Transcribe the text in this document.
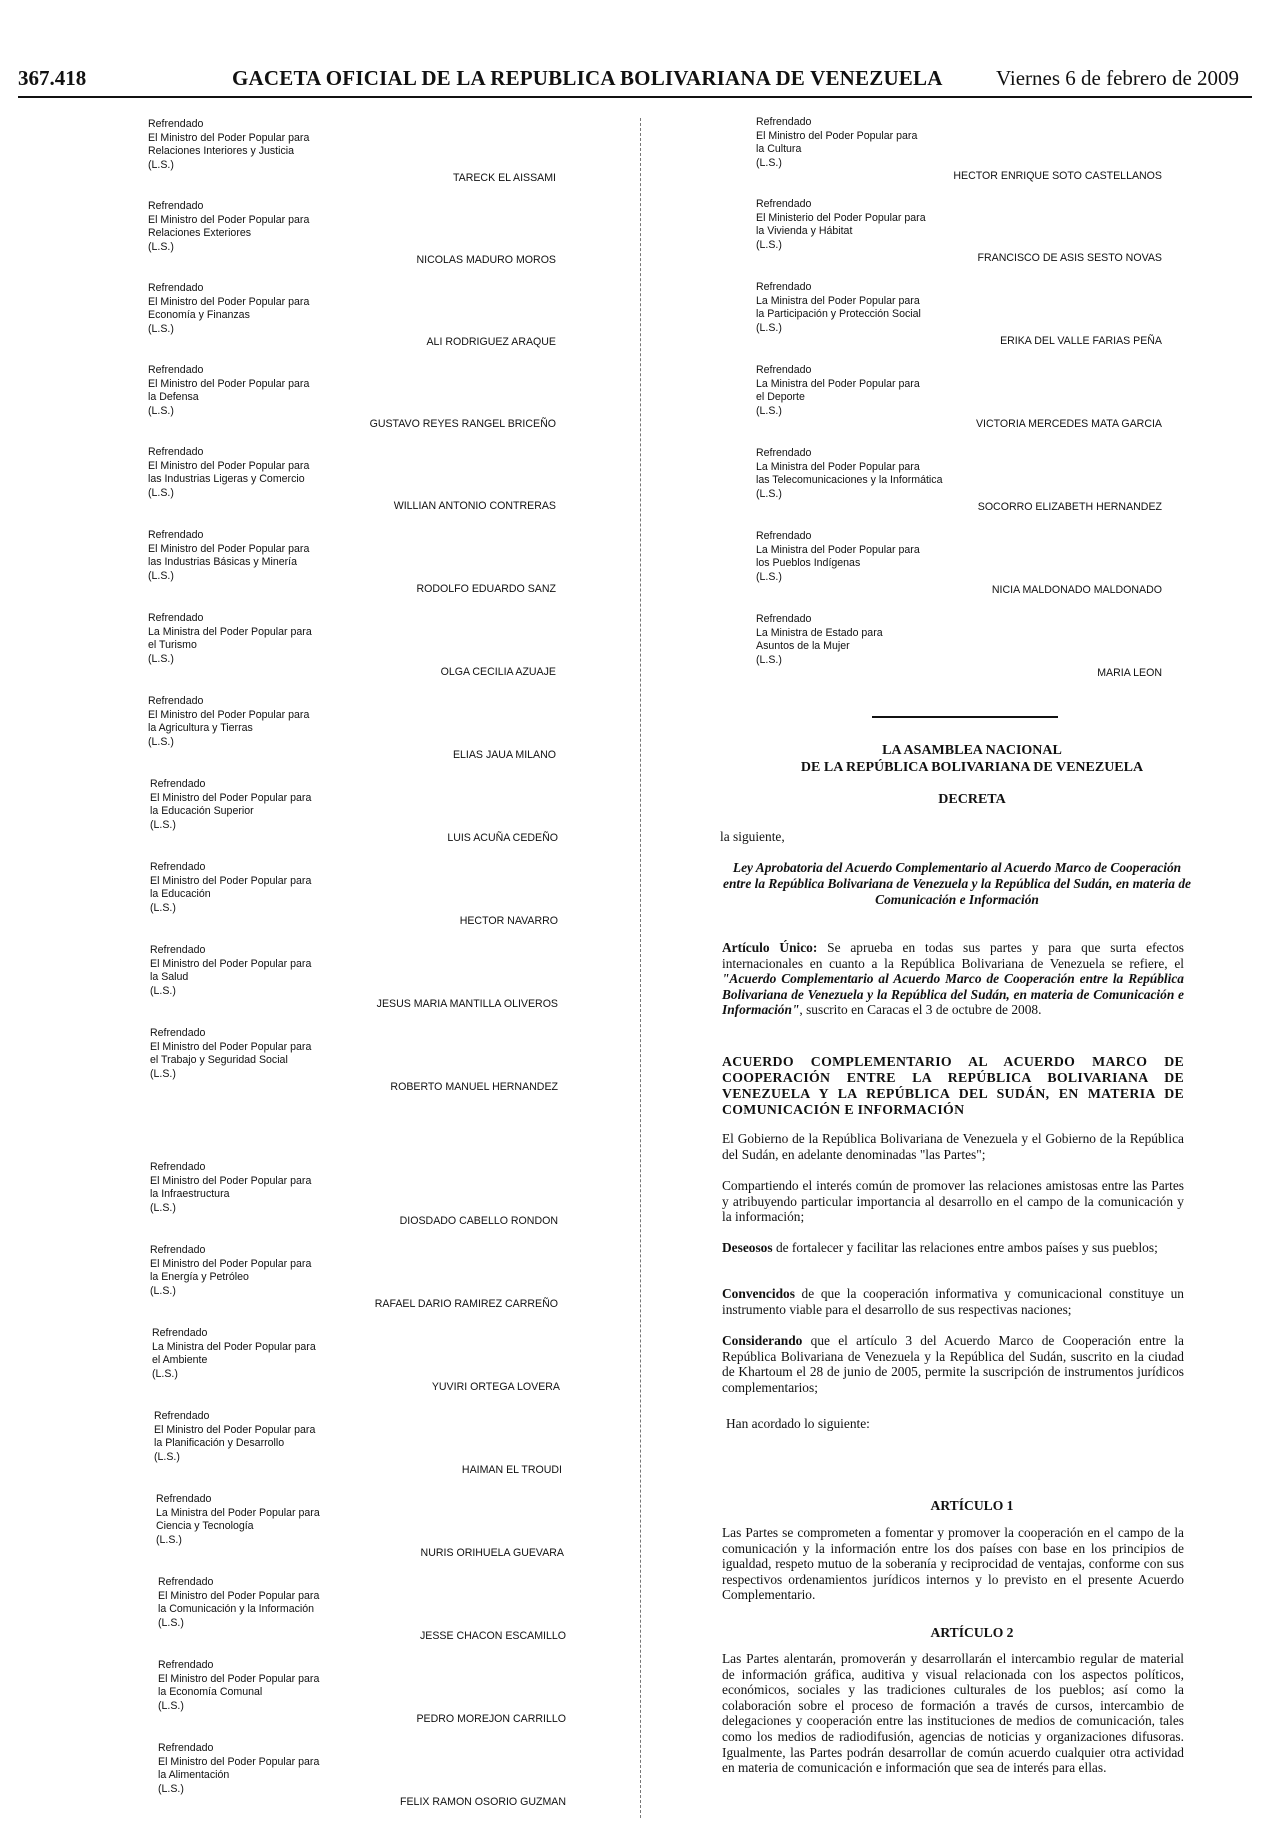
367.418	GACETA OFICIAL DE LA REPUBLICA BOLIVARIANA DE VENEZUELA	Viernes 6 de febrero de 2009
Refrendado
El Ministro del Poder Popular para
Relaciones Interiores y Justicia
(L.S.)
TARECK EL AISSAMI
Refrendado
El Ministro del Poder Popular para
Relaciones Exteriores
(L.S.)
NICOLAS MADURO MOROS
Refrendado
El Ministro del Poder Popular para
Economía y Finanzas
(L.S.)
ALI RODRIGUEZ ARAQUE
Refrendado
El Ministro del Poder Popular para
la Defensa
(L.S.)
GUSTAVO REYES RANGEL BRICEÑO
Refrendado
El Ministro del Poder Popular para
las Industrias Ligeras y Comercio
(L.S.)
WILLIAN ANTONIO CONTRERAS
Refrendado
El Ministro del Poder Popular para
las Industrias Básicas y Minería
(L.S.)
RODOLFO EDUARDO SANZ
Refrendado
La Ministra del Poder Popular para
el Turismo
(L.S.)
OLGA CECILIA AZUAJE
Refrendado
El Ministro del Poder Popular para
la Agricultura y Tierras
(L.S.)
ELIAS JAUA MILANO
Refrendado
El Ministro del Poder Popular para
la Educación Superior
(L.S.)
LUIS ACUÑA CEDEÑO
Refrendado
El Ministro del Poder Popular para
la Educación
(L.S.)
HECTOR NAVARRO
Refrendado
El Ministro del Poder Popular para
la Salud
(L.S.)
JESUS MARIA MANTILLA OLIVEROS
Refrendado
El Ministro del Poder Popular para
el Trabajo y Seguridad Social
(L.S.)
ROBERTO MANUEL HERNANDEZ
Refrendado
El Ministro del Poder Popular para
la Infraestructura
(L.S.)
DIOSDADO CABELLO RONDON
Refrendado
El Ministro del Poder Popular para
la Energía y Petróleo
(L.S.)
RAFAEL DARIO RAMIREZ CARREÑO
Refrendado
La Ministra del Poder Popular para
el Ambiente
(L.S.)
YUVIRI ORTEGA LOVERA
Refrendado
El Ministro del Poder Popular para
la Planificación y Desarrollo
(L.S.)
HAIMAN EL TROUDI
Refrendado
La Ministra del Poder Popular para
Ciencia y Tecnología
(L.S.)
NURIS ORIHUELA GUEVARA
Refrendado
El Ministro del Poder Popular para
la Comunicación y la Información
(L.S.)
JESSE CHACON ESCAMILLO
Refrendado
El Ministro del Poder Popular para
la Economía Comunal
(L.S.)
PEDRO MOREJON CARRILLO
Refrendado
El Ministro del Poder Popular para
la Alimentación
(L.S.)
FELIX RAMON OSORIO GUZMAN
Refrendado
El Ministro del Poder Popular para
la Cultura
(L.S.)
HECTOR ENRIQUE SOTO CASTELLANOS
Refrendado
El Ministerio del Poder Popular para
la Vivienda y Hábitat
(L.S.)
FRANCISCO DE ASIS SESTO NOVAS
Refrendado
La Ministra del Poder Popular para
la Participación y Protección Social
(L.S.)
ERIKA DEL VALLE FARIAS PEÑA
Refrendado
La Ministra del Poder Popular para
el Deporte
(L.S.)
VICTORIA MERCEDES MATA GARCIA
Refrendado
La Ministra del Poder Popular para
las Telecomunicaciones y la Informática
(L.S.)
SOCORRO ELIZABETH HERNANDEZ
Refrendado
La Ministra del Poder Popular para
los Pueblos Indígenas
(L.S.)
NICIA MALDONADO MALDONADO
Refrendado
La Ministra de Estado para
Asuntos de la Mujer
(L.S.)
MARIA LEON
LA ASAMBLEA NACIONAL
DE LA REPÚBLICA BOLIVARIANA DE VENEZUELA
DECRETA
la siguiente,
Ley Aprobatoria del Acuerdo Complementario al Acuerdo Marco de Cooperación entre la República Bolivariana de Venezuela y la República del Sudán, en materia de Comunicación e Información
Artículo Único: Se aprueba en todas sus partes y para que surta efectos internacionales en cuanto a la República Bolivariana de Venezuela se refiere, el "Acuerdo Complementario al Acuerdo Marco de Cooperación entre la República Bolivariana de Venezuela y la República del Sudán, en materia de Comunicación e Información", suscrito en Caracas el 3 de octubre de 2008.
ACUERDO COMPLEMENTARIO AL ACUERDO MARCO DE COOPERACIÓN ENTRE LA REPÚBLICA BOLIVARIANA DE VENEZUELA Y LA REPÚBLICA DEL SUDÁN, EN MATERIA DE COMUNICACIÓN E INFORMACIÓN
El Gobierno de la República Bolivariana de Venezuela y el Gobierno de la República del Sudán, en adelante denominadas "las Partes";
Compartiendo el interés común de promover las relaciones amistosas entre las Partes y atribuyendo particular importancia al desarrollo en el campo de la comunicación y la información;
Deseosos de fortalecer y facilitar las relaciones entre ambos países y sus pueblos;
Convencidos de que la cooperación informativa y comunicacional constituye un instrumento viable para el desarrollo de sus respectivas naciones;
Considerando que el artículo 3 del Acuerdo Marco de Cooperación entre la República Bolivariana de Venezuela y la República del Sudán, suscrito en la ciudad de Khartoum el 28 de junio de 2005, permite la suscripción de instrumentos jurídicos complementarios;
Han acordado lo siguiente:
ARTÍCULO 1
Las Partes se comprometen a fomentar y promover la cooperación en el campo de la comunicación y la información entre los dos países con base en los principios de igualdad, respeto mutuo de la soberanía y reciprocidad de ventajas, conforme con sus respectivos ordenamientos jurídicos internos y lo previsto en el presente Acuerdo Complementario.
ARTÍCULO 2
Las Partes alentarán, promoverán y desarrollarán el intercambio regular de material de información gráfica, auditiva y visual relacionada con los aspectos políticos, económicos, sociales y las tradiciones culturales de los pueblos; así como la colaboración sobre el proceso de formación a través de cursos, intercambio de delegaciones y cooperación entre las instituciones de medios de comunicación, tales como los medios de radiodifusión, agencias de noticias y organizaciones difusoras. Igualmente, las Partes podrán desarrollar de común acuerdo cualquier otra actividad en materia de comunicación e información que sea de interés para ellas.
